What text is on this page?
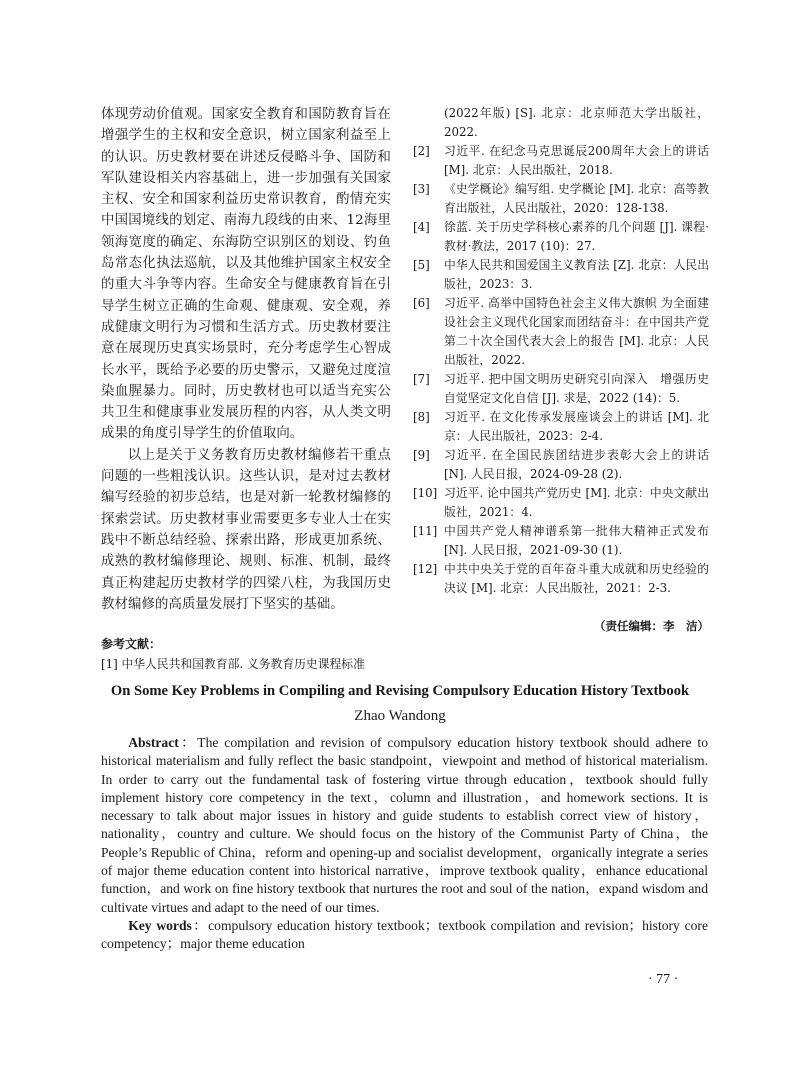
体现劳动价值观。国家安全教育和国防教育旨在增强学生的主权和安全意识，树立国家利益至上的认识。历史教材要在讲述反侵略斗争、国防和军队建设相关内容基础上，进一步加强有关国家主权、安全和国家利益历史常识教育，酌情充实中国国境线的划定、南海九段线的由来、12海里领海宽度的确定、东海防空识别区的划设、钓鱼岛常态化执法巡航，以及其他维护国家主权安全的重大斗争等内容。生命安全与健康教育旨在引导学生树立正确的生命观、健康观、安全观，养成健康文明行为习惯和生活方式。历史教材要注意在展现历史真实场景时，充分考虑学生心智成长水平，既给予必要的历史警示，又避免过度渲染血腥暴力。同时，历史教材也可以适当充实公共卫生和健康事业发展历程的内容，从人类文明成果的角度引导学生的价值取向。

以上是关于义务教育历史教材编修若干重点问题的一些粗浅认识。这些认识，是对过去教材编写经验的初步总结，也是对新一轮教材编修的探索尝试。历史教材事业需要更多专业人士在实践中不断总结经验、探索出路，形成更加系统、成熟的教材编修理论、规则、标准、机制，最终真正构建起历史教材学的四梁八柱，为我国历史教材编修的高质量发展打下坚实的基础。

参考文献：

[1] 中华人民共和国教育部. 义务教育历史课程标准

(2022年版) [S]. 北京：北京师范大学出版社，2022.

[2] 习近平. 在纪念马克思诞辰200周年大会上的讲话 [M]. 北京：人民出版社，2018.

[3] 《史学概论》编写组. 史学概论 [M]. 北京：高等教育出版社，人民出版社，2020：128-138.

[4] 徐蓝. 关于历史学科核心素养的几个问题 [J]. 课程·教材·教法，2017 (10)：27.

[5] 中华人民共和国爱国主义教育法 [Z]. 北京：人民出版社，2023：3.

[6] 习近平. 高举中国特色社会主义伟大旗帜 为全面建设社会主义现代化国家而团结奋斗：在中国共产党第二十次全国代表大会上的报告 [M]. 北京：人民出版社，2022.

[7] 习近平. 把中国文明历史研究引向深入　增强历史自觉坚定文化自信 [J]. 求是，2022 (14)：5.

[8] 习近平. 在文化传承发展座谈会上的讲话 [M]. 北京：人民出版社，2023：2-4.

[9] 习近平. 在全国民族团结进步表彰大会上的讲话 [N]. 人民日报，2024-09-28 (2).

[10] 习近平. 论中国共产党历史 [M]. 北京：中央文献出版社，2021：4.

[11] 中国共产党人精神谱系第一批伟大精神正式发布 [N]. 人民日报，2021-09-30 (1).

[12] 中共中央关于党的百年奋斗重大成就和历史经验的决议 [M]. 北京：人民出版社，2021：2-3.

（责任编辑：李　洁）
On Some Key Problems in Compiling and Revising Compulsory Education History Textbook
Zhao Wandong

Abstract：The compilation and revision of compulsory education history textbook should adhere to historical materialism and fully reflect the basic standpoint，viewpoint and method of historical materialism. In order to carry out the fundamental task of fostering virtue through education，textbook should fully implement history core competency in the text，column and illustration，and homework sections. It is necessary to talk about major issues in history and guide students to establish correct view of history，nationality，country and culture. We should focus on the history of the Communist Party of China，the People’s Republic of China，reform and opening-up and socialist development，organically integrate a series of major theme education content into historical narrative，improve textbook quality，enhance educational function，and work on fine history textbook that nurtures the root and soul of the nation，expand wisdom and cultivate virtues and adapt to the need of our times.

Key words：compulsory education history textbook；textbook compilation and revision；history core competency；major theme education

· 77 ·
